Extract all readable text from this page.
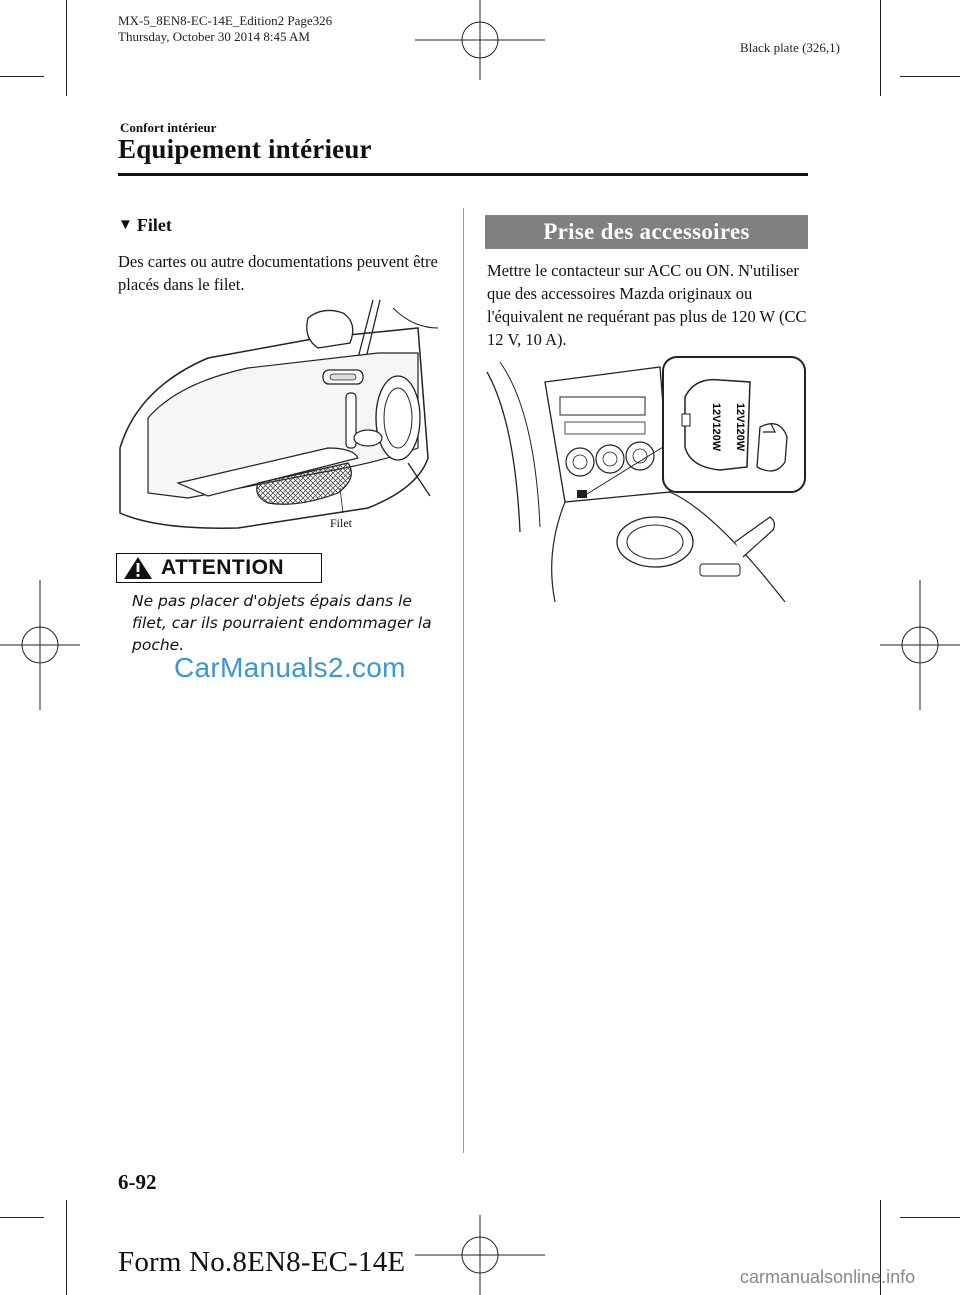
MX-5_8EN8-EC-14E_Edition2 Page326
Thursday, October 30 2014 8:45 AM
Black plate (326,1)
Confort intérieur
Equipement intérieur
▼ Filet
Des cartes ou autre documentations peuvent être placés dans le filet.
Filet
ATTENTION
Ne pas placer d'objets épais dans le filet, car ils pourraient endommager la poche.
CarManuals2.com
Prise des accessoires
Mettre le contacteur sur ACC ou ON. N'utiliser que des accessoires Mazda originaux ou l'équivalent ne requérant pas plus de 120 W (CC 12 V, 10 A).
12V120W 12V120W
6-92
Form No.8EN8-EC-14E	carmanualsonline.info
